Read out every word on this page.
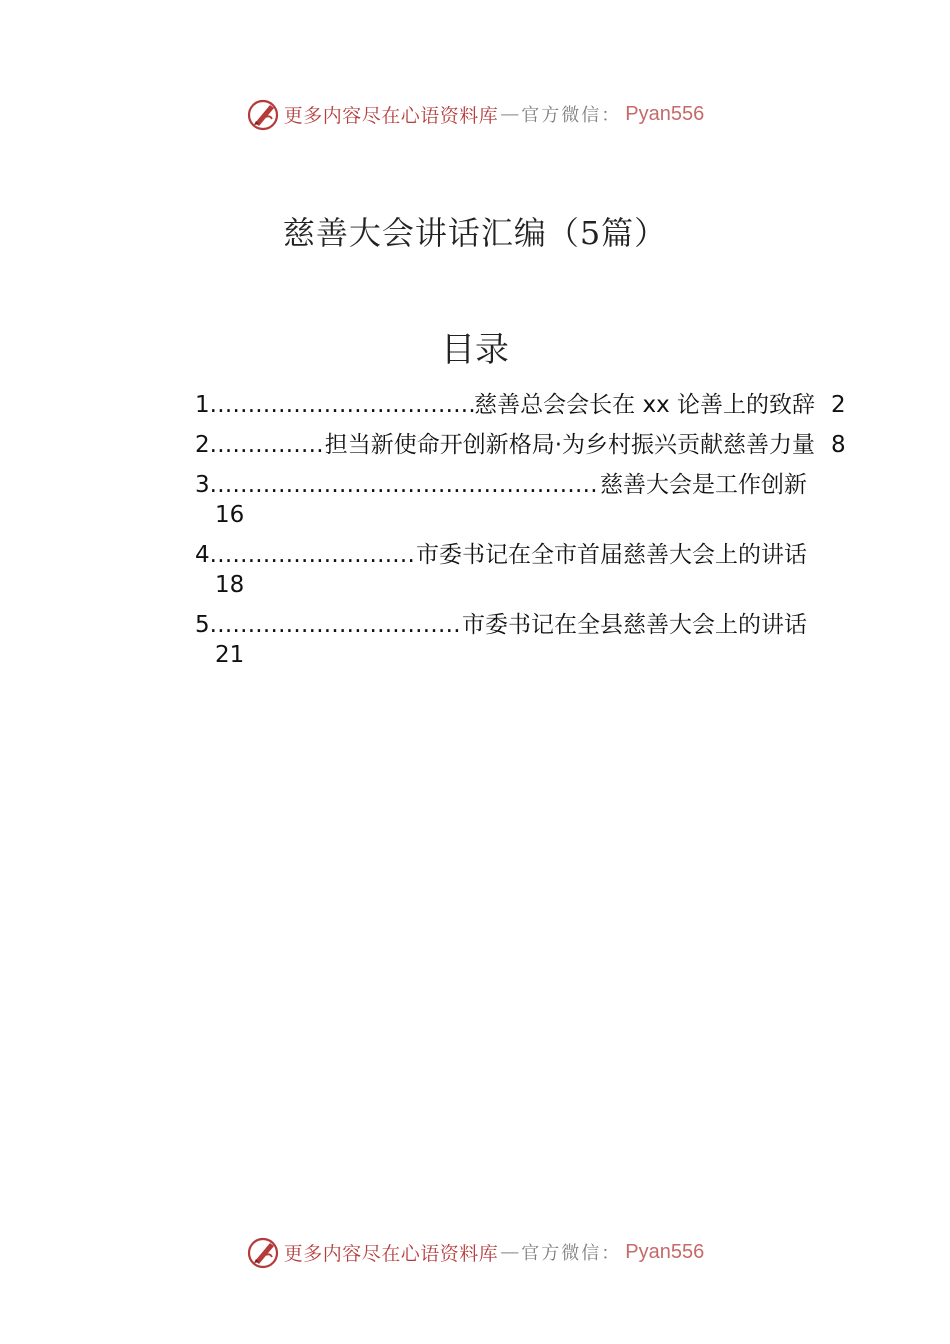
更多内容尽在心语资料库 — 官方微信： Pyan556
慈善大会讲话汇编（5篇）
目录
1 .....	慈善总会会长在 xx 论善上的致辞 2
2 .....	担当新使命开创新格局·为乡村振兴贡献慈善力量 8
3 .....	慈善大会是工作创新
16
4 .....	市委书记在全市首届慈善大会上的讲话
18
5 .....	市委书记在全县慈善大会上的讲话
21
更多内容尽在心语资料库 — 官方微信： Pyan556
